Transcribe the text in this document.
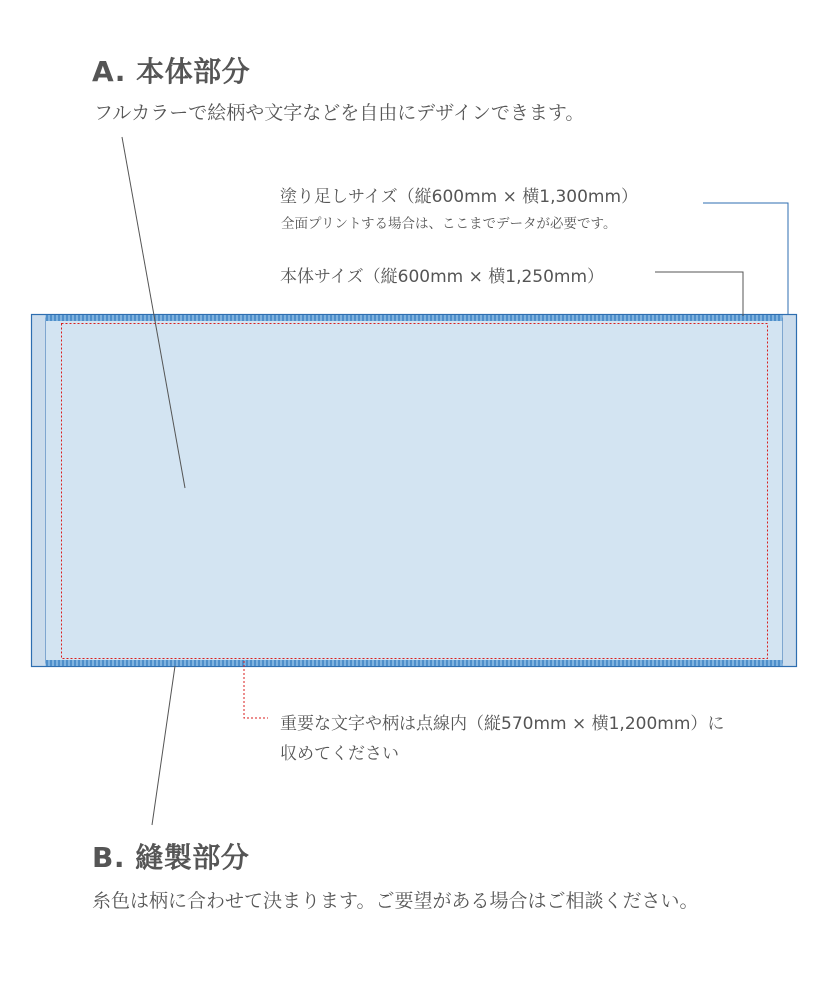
A. 本体部分
フルカラーで絵柄や文字などを自由にデザインできます。
塗り足しサイズ（縦600mm × 横1,300mm）
全面プリントする場合は、ここまでデータが必要です。
本体サイズ（縦600mm × 横1,250mm）
重要な文字や柄は点線内（縦570mm × 横1,200mm）に
収めてください
B. 縫製部分
糸色は柄に合わせて決まります。ご要望がある場合はご相談ください。
